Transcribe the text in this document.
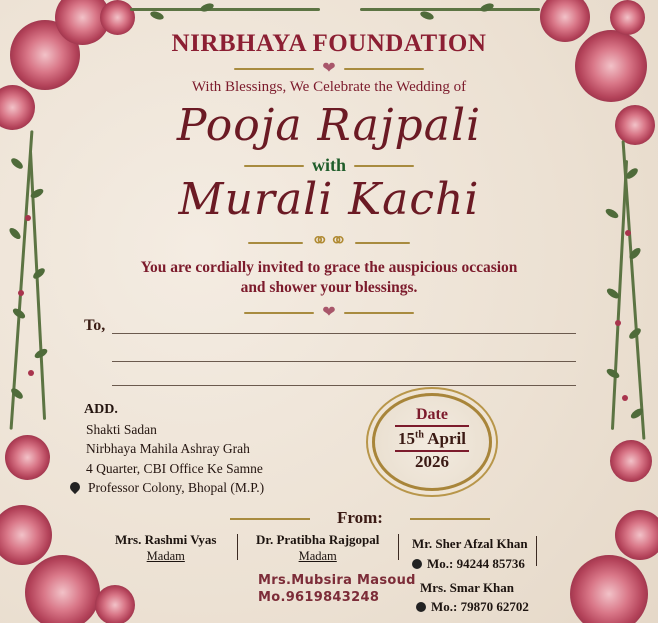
NIRBHAYA FOUNDATION
❤
With Blessings, We Celebrate the Wedding of
Pooja Rajpali
with
Murali Kachi
⚭⚭
You are cordially invited to grace the auspicious occasion
and shower your blessings.
❤
To,
ADD.
Shakti Sadan
Nirbhaya Mahila Ashray Grah
4 Quarter, CBI Office Ke Samne
Professor Colony, Bhopal (M.P.)
Date
15th April
2026
From:
Mrs. Rashmi Vyas
Madam
Dr. Pratibha Rajgopal
Madam
Mr. Sher Afzal Khan
Mo.: 94244 85736
Mrs.Mubsira Masoud
Mo.9619843248
Mrs. Smar Khan
Mo.: 79870 62702
